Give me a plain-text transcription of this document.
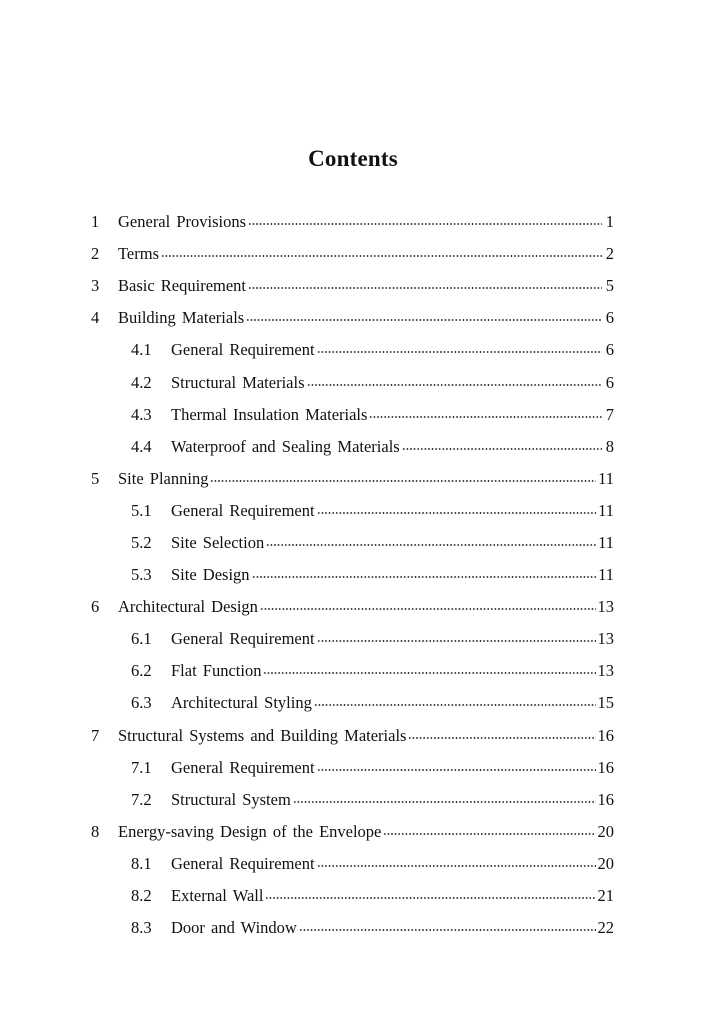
Contents
1	General Provisions	1
2	Terms	2
3	Basic Requirement	5
4	Building Materials	6
4.1	General Requirement	6
4.2	Structural Materials	6
4.3	Thermal Insulation Materials	7
4.4	Waterproof and Sealing Materials	8
5	Site Planning	11
5.1	General Requirement	11
5.2	Site Selection	11
5.3	Site Design	11
6	Architectural Design	13
6.1	General Requirement	13
6.2	Flat Function	13
6.3	Architectural Styling	15
7	Structural Systems and Building Materials	16
7.1	General Requirement	16
7.2	Structural System	16
8	Energy-saving Design of the Envelope	20
8.1	General Requirement	20
8.2	External Wall	21
8.3	Door and Window	22
